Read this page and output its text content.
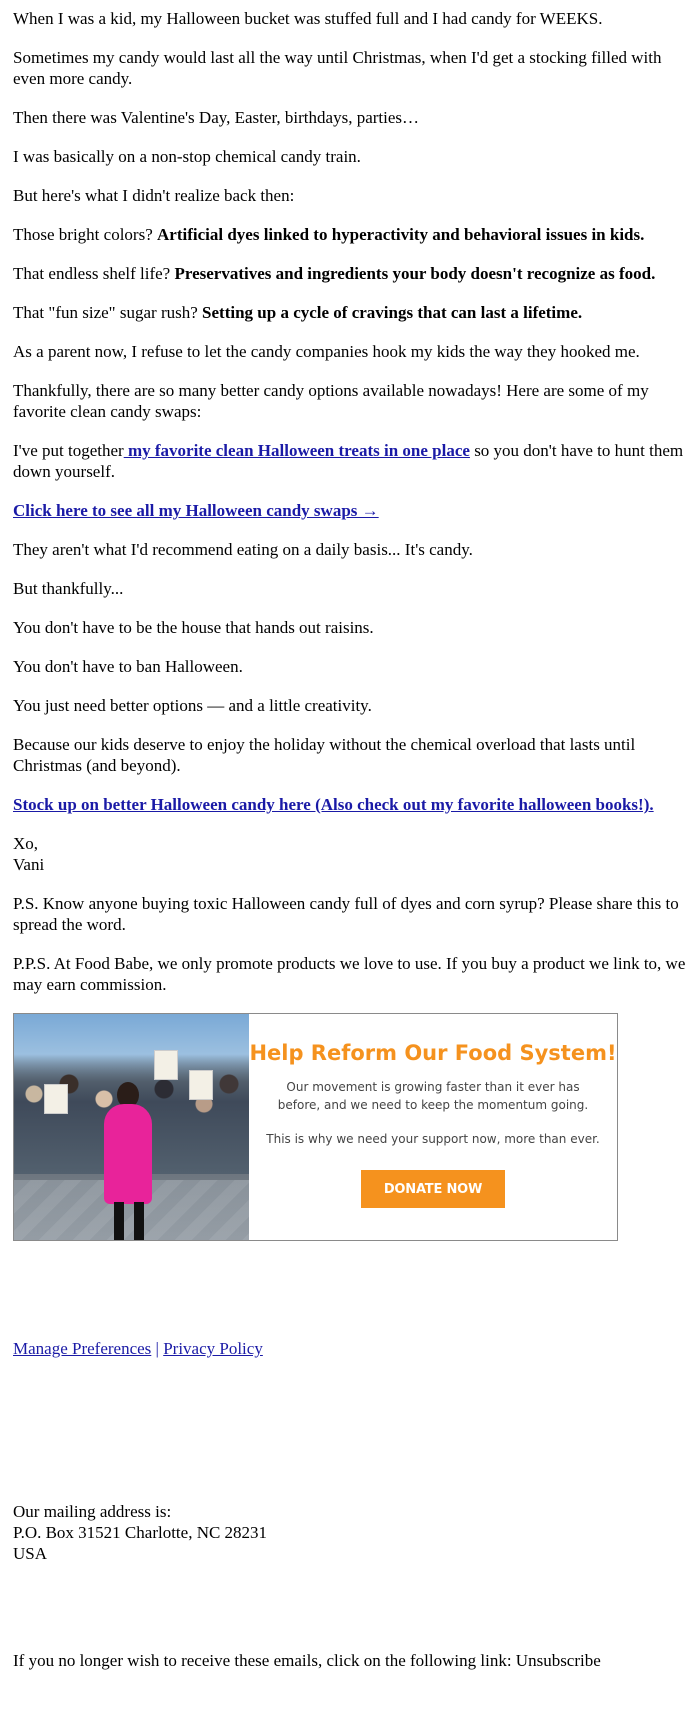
When I was a kid, my Halloween bucket was stuffed full and I had candy for WEEKS.

Sometimes my candy would last all the way until Christmas, when I'd get a stocking filled with even more candy.

Then there was Valentine's Day, Easter, birthdays, parties…

I was basically on a non-stop chemical candy train.

But here's what I didn't realize back then:

Those bright colors? Artificial dyes linked to hyperactivity and behavioral issues in kids.

That endless shelf life? Preservatives and ingredients your body doesn't recognize as food.

That "fun size" sugar rush? Setting up a cycle of cravings that can last a lifetime.

As a parent now, I refuse to let the candy companies hook my kids the way they hooked me.

Thankfully, there are so many better candy options available nowadays! Here are some of my favorite clean candy swaps:

I've put together my favorite clean Halloween treats in one place so you don't have to hunt them down yourself.

Click here to see all my Halloween candy swaps →

They aren't what I'd recommend eating on a daily basis... It's candy.

But thankfully...

You don't have to be the house that hands out raisins.

You don't have to ban Halloween.

You just need better options — and a little creativity.

Because our kids deserve to enjoy the holiday without the chemical overload that lasts until Christmas (and beyond).

Stock up on better Halloween candy here (Also check out my favorite halloween books!).

Xo,
Vani

P.S. Know anyone buying toxic Halloween candy full of dyes and corn syrup? Please share this to spread the word.

P.P.S. At Food Babe, we only promote products we love to use. If you buy a product we link to, we may earn commission.

Help Reform Our Food System!
Our movement is growing faster than it ever has
before, and we need to keep the momentum going.
This is why we need your support now, more than ever.
DONATE NOW
Manage Preferences | Privacy Policy
Our mailing address is:
P.O. Box 31521 Charlotte, NC 28231
USA
If you no longer wish to receive these emails, click on the following link: Unsubscribe
